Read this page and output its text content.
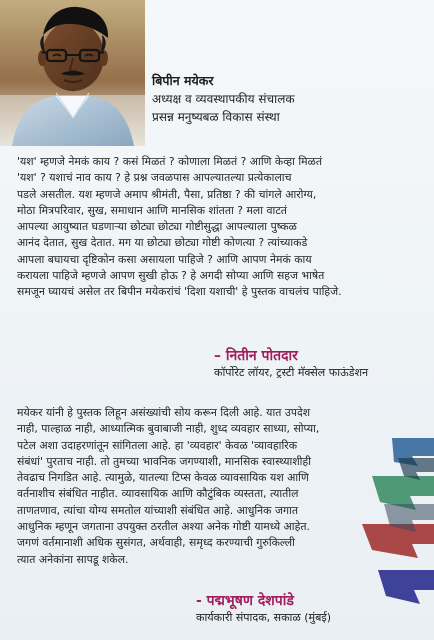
बिपीन मयेकर

अध्यक्ष व व्यवस्थापकीय संचालक

प्रसन्न मनुष्यबळ विकास संस्था

'यश' म्हणजे नेमकं काय ? कसं मिळतं ? कोणाला मिळतं ? आणि केव्हा मिळतं

'यश' ? यशाचं नाव काय ? हे प्रश्न जवळपास आपल्यातल्या प्रत्येकालाच

पडले असतील. यश म्हणजे अमाप श्रीमंती, पैसा, प्रतिष्ठा ? की चांगले आरोग्य,

मोठा मित्रपरिवार, सुख, समाधान आणि मानसिक शांतता ? मला वाटतं

आपल्या आयुष्यात घडणाऱ्या छोट्या छोट्या गोष्टीसुद्धा आपल्याला पुष्कळ

आनंद देतात, सुख देतात. मग या छोट्या छोट्या गोष्टी कोणत्या ? त्यांच्याकडे

आपला बघायचा दृष्टिकोन कसा असायला पाहिजे ? आणि आपण नेमकं काय

करायला पाहिजे म्हणजे आपण सुखी होऊ ? हे अगदी सोप्या आणि सहज भाषेत

समजून घ्यायचं असेल तर बिपीन मयेकरांचं 'दिशा यशाची' हे पुस्तक वाचलंच पाहिजे.

– नितीन पोतदार

कॉर्पोरेट लॉयर, ट्रस्टी मॅक्सेल फाऊंडेशन

मयेकर यांनी हे पुस्तक लिहून असंख्यांची सोय करून दिली आहे. यात उपदेश

नाही, पाल्हाळ नाही, आध्यात्मिक बुवाबाजी नाही, शुध्द व्यवहार साध्या, सोप्या,

पटेल अशा उदाहरणांतून सांगितला आहे. हा 'व्यवहार' केवळ 'व्यावहारिक

संबंधां' पुरताच नाही. तो तुमच्या भावनिक जगण्याशी, मानसिक स्वास्थ्याशीही

तेवढाच निगडित आहे. त्यामुळे, यातल्या टिप्स केवळ व्यावसायिक यश आणि

वर्तनाशीच संबंधित नाहीत. व्यावसायिक आणि कौटुंबिक व्यस्तता, त्यातील

ताणतणाव, त्यांचा योग्य समतोल यांच्याशी संबंधित आहे. आधुनिक जगात

आधुनिक म्हणून जगताना उपयुक्त ठरतील अश्या अनेक गोष्टी यामध्ये आहेत.

जगणं वर्तमानाशी अधिक सुसंगत, अर्थवाही, समृध्द करण्याची गुरुकिल्ली

त्यात अनेकांना सापडू शकेल.

- पद्मभूषण देशपांडे

कार्यकारी संपादक, सकाळ (मुंबई)
